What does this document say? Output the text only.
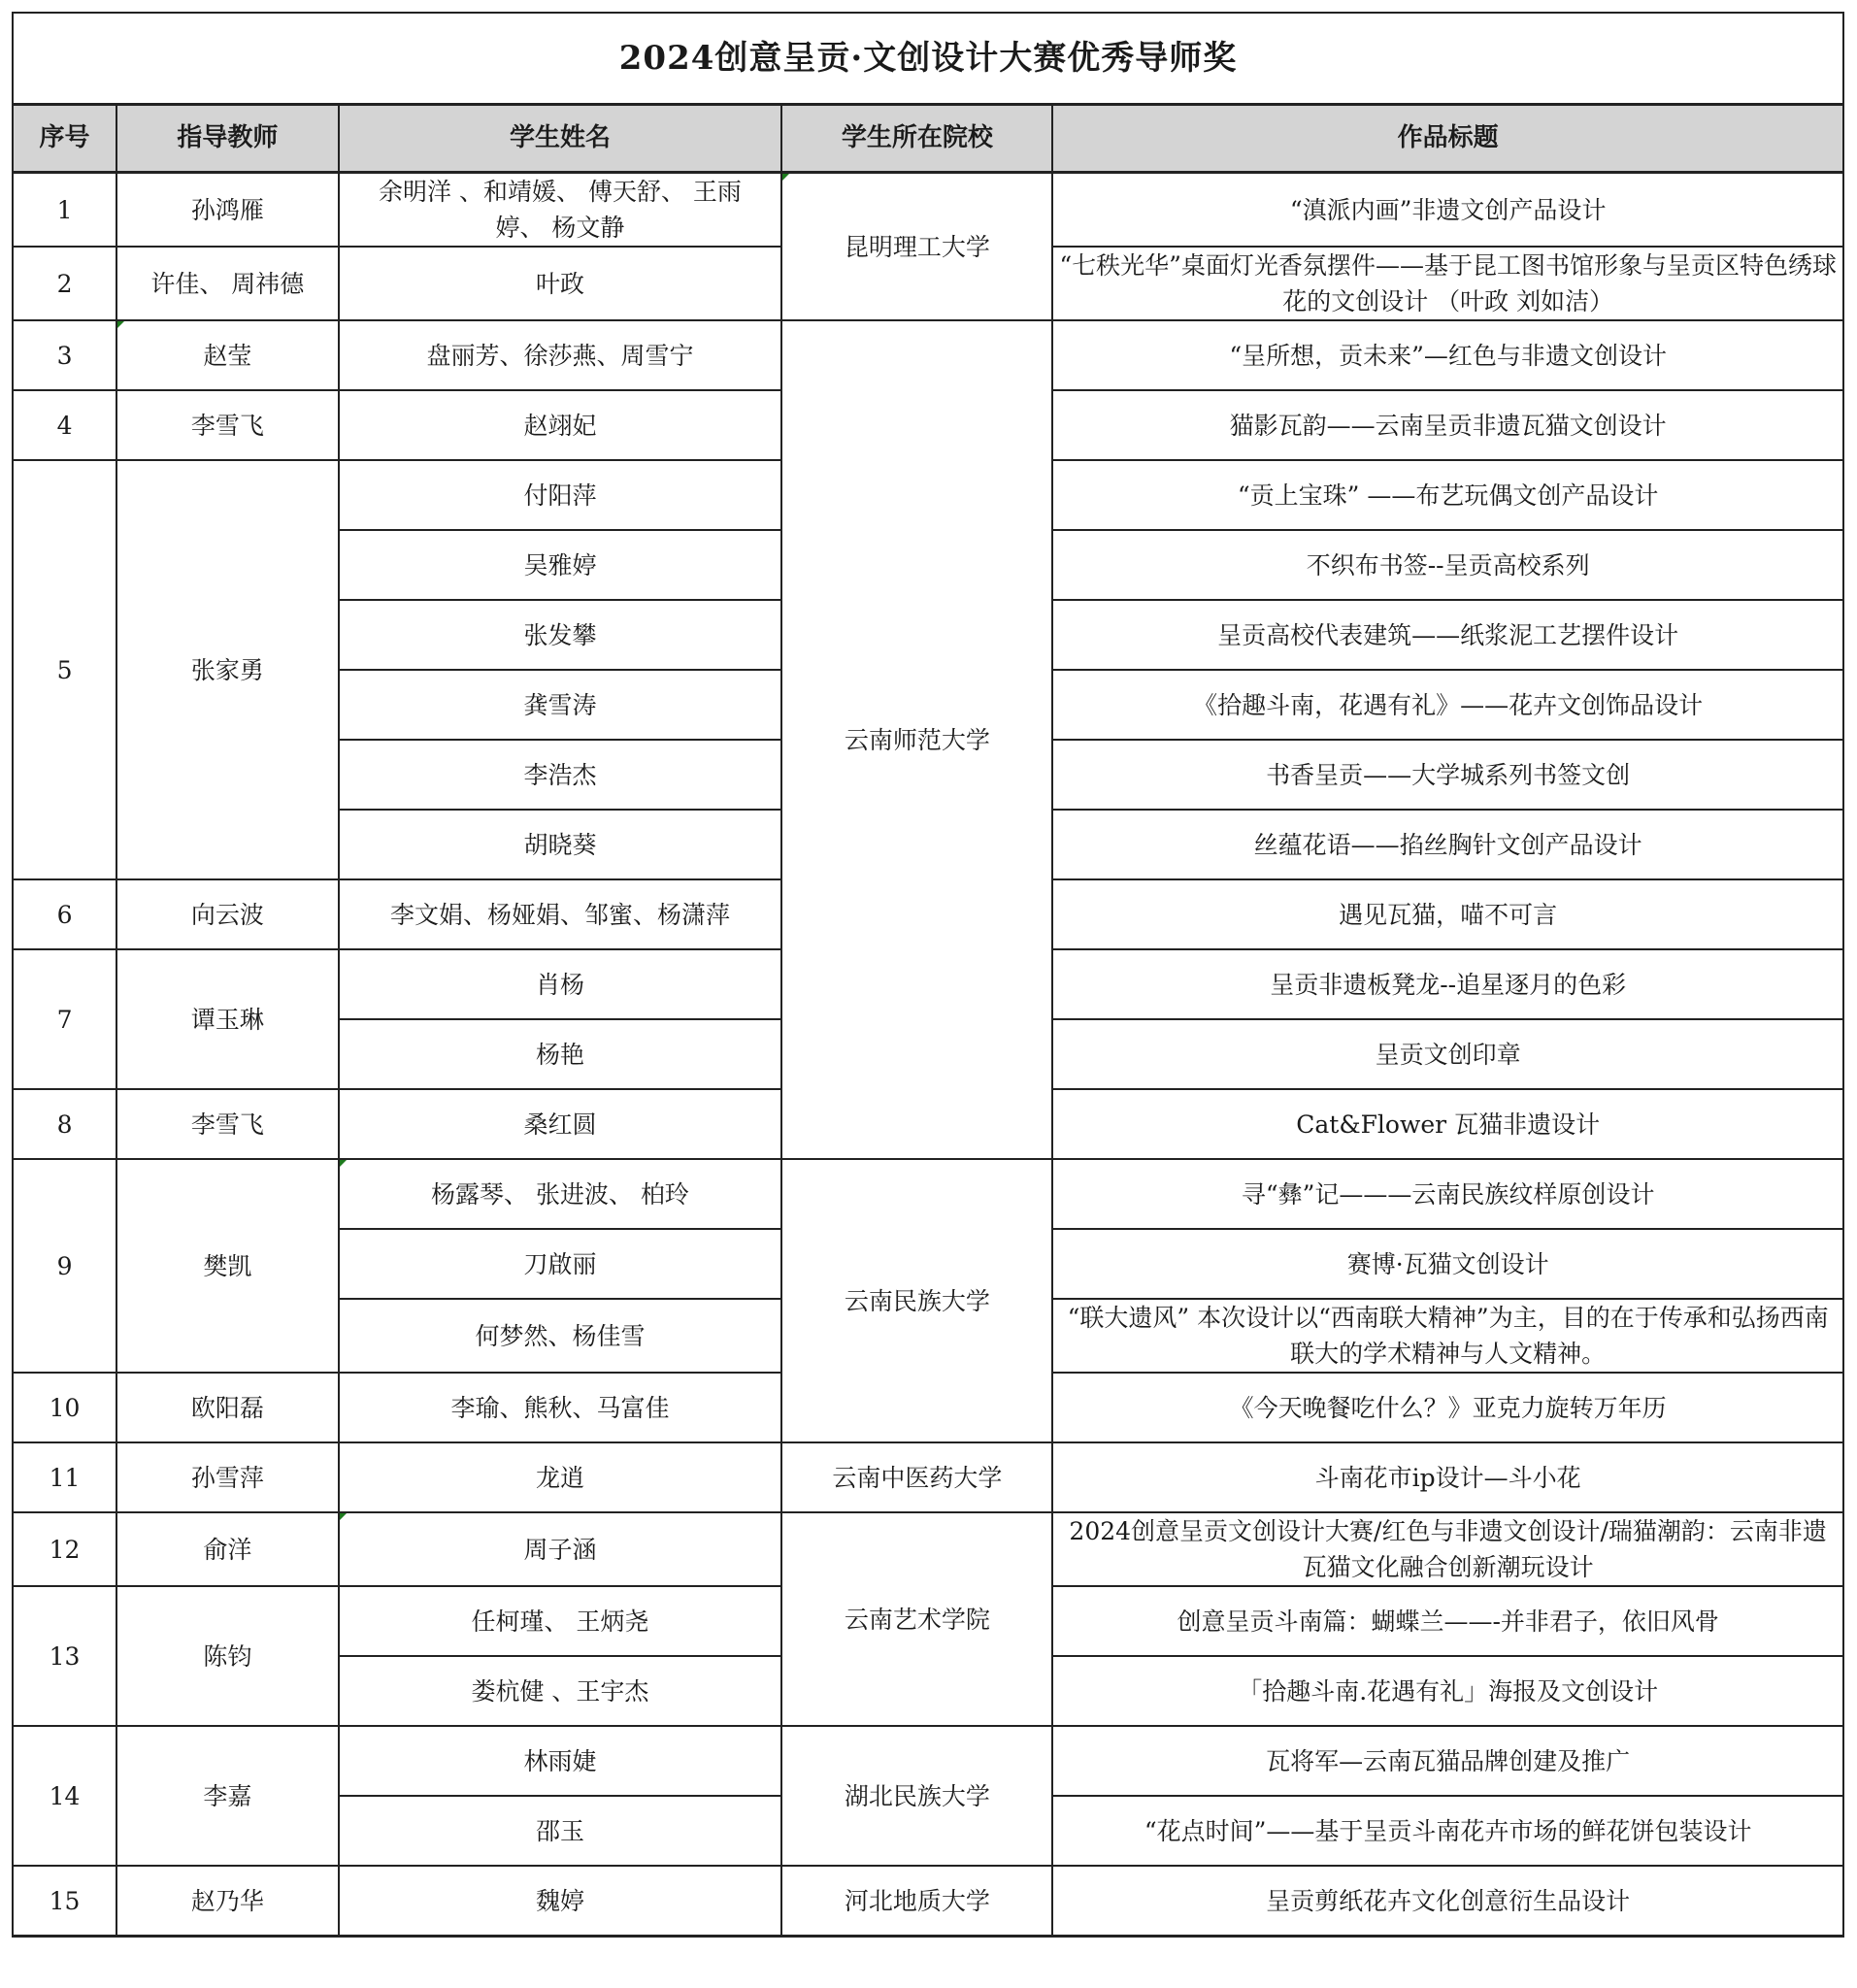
2024创意呈贡·文创设计大赛优秀导师奖				
序号	指导教师	学生姓名	学生所在院校	作品标题
1	孙鸿雁	余明洋 、和靖媛、 傅天舒、 王雨婷、 杨文静	昆明理工大学	“滇派内画”非遗文创产品设计
2	许佳、 周祎德	叶政		“七秩光华”桌面灯光香氛摆件——基于昆工图书馆形象与呈贡区特色绣球花的文创设计 （叶政 刘如洁）
3	赵莹	盘丽芳、徐莎燕、周雪宁	云南师范大学	“呈所想，贡未来”—红色与非遗文创设计
4	李雪飞	赵翊妃		猫影瓦韵——云南呈贡非遗瓦猫文创设计
5	张家勇	付阳萍		“贡上宝珠” ——布艺玩偶文创产品设计
		吴雅婷		不织布书签--呈贡高校系列
		张发攀		呈贡高校代表建筑——纸浆泥工艺摆件设计
		龚雪涛		《拾趣斗南，花遇有礼》——花卉文创饰品设计
		李浩杰		书香呈贡——大学城系列书签文创
		胡晓葵		丝蕴花语——掐丝胸针文创产品设计
6	向云波	李文娟、杨娅娟、邹蜜、杨潇萍		遇见瓦猫，喵不可言
7	谭玉琳	肖杨		呈贡非遗板凳龙--追星逐月的色彩
		杨艳		呈贡文创印章
8	李雪飞	桑红圆		Cat&Flower 瓦猫非遗设计
9	樊凯	杨露琴、 张进波、 柏玲	云南民族大学	寻“彝”记———云南民族纹样原创设计
		刀啟丽		赛博·瓦猫文创设计
		何梦然、杨佳雪		“联大遗风” 本次设计以“西南联大精神”为主，目的在于传承和弘扬西南联大的学术精神与人文精神。
10	欧阳磊	李瑜、熊秋、马富佳		《今天晚餐吃什么？》亚克力旋转万年历
11	孙雪萍	龙逍	云南中医药大学	斗南花市ip设计—斗小花
12	俞洋	周子涵	云南艺术学院	2024创意呈贡文创设计大赛/红色与非遗文创设计/瑞猫潮韵：云南非遗瓦猫文化融合创新潮玩设计
13	陈钧	任柯瑾、 王炳尧		创意呈贡斗南篇：蝴蝶兰——-并非君子，依旧风骨
		娄杭健 、王宇杰		「拾趣斗南.花遇有礼」海报及文创设计
14	李嘉	林雨婕	湖北民族大学	瓦将军—云南瓦猫品牌创建及推广
		邵玉		“花点时间”——基于呈贡斗南花卉市场的鲜花饼包装设计
15	赵乃华	魏婷	河北地质大学	呈贡剪纸花卉文化创意衍生品设计
